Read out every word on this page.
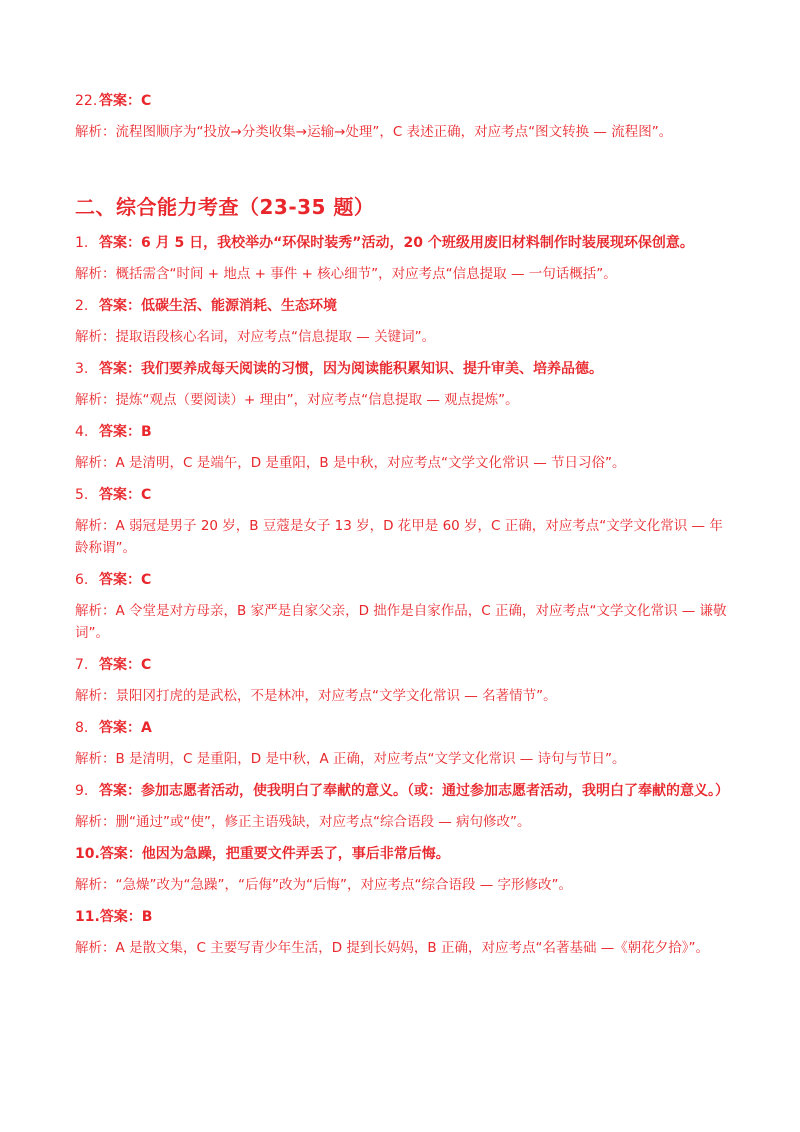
22. 答案：C

解析：流程图顺序为“投放→分类收集→运输→处理”，C 表述正确，对应考点“图文转换 — 流程图”。

二、综合能力考查（23-35 题）

1. 答案：6 月 5 日，我校举办“环保时装秀”活动，20 个班级用废旧材料制作时装展现环保创意。

解析：概括需含“时间 + 地点 + 事件 + 核心细节”，对应考点“信息提取 — 一句话概括”。

2. 答案：低碳生活、能源消耗、生态环境

解析：提取语段核心名词，对应考点“信息提取 — 关键词”。

3. 答案：我们要养成每天阅读的习惯，因为阅读能积累知识、提升审美、培养品德。

解析：提炼“观点（要阅读）+ 理由”，对应考点“信息提取 — 观点提炼”。

4. 答案：B

解析：A 是清明，C 是端午，D 是重阳，B 是中秋，对应考点“文学文化常识 — 节日习俗”。

5. 答案：C

解析：A 弱冠是男子 20 岁，B 豆蔻是女子 13 岁，D 花甲是 60 岁，C 正确，对应考点“文学文化常识 — 年龄称谓”。

6. 答案：C

解析：A 令堂是对方母亲，B 家严是自家父亲，D 拙作是自家作品，C 正确，对应考点“文学文化常识 — 谦敬词”。

7. 答案：C

解析：景阳冈打虎的是武松，不是林冲，对应考点“文学文化常识 — 名著情节”。

8. 答案：A

解析：B 是清明，C 是重阳，D 是中秋，A 正确，对应考点“文学文化常识 — 诗句与节日”。

9. 答案：参加志愿者活动，使我明白了奉献的意义。（或：通过参加志愿者活动，我明白了奉献的意义。）

解析：删“通过”或“使”，修正主语残缺，对应考点“综合语段 — 病句修改”。

10. 答案：他因为急躁，把重要文件弄丢了，事后非常后悔。

解析：“急燥”改为“急躁”，“后侮”改为“后悔”，对应考点“综合语段 — 字形修改”。

11. 答案：B

解析：A 是散文集，C 主要写青少年生活，D 提到长妈妈，B 正确，对应考点“名著基础 —《朝花夕拾》”。
